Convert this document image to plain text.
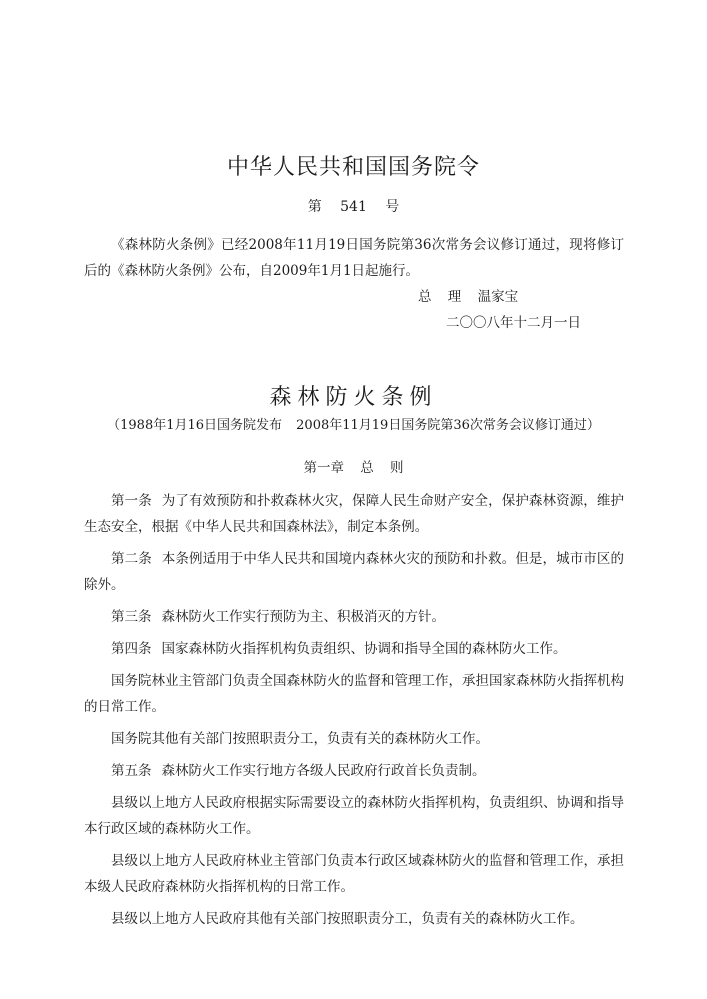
中华人民共和国国务院令
第 541 号
《森林防火条例》已经2008年11月19日国务院第36次常务会议修订通过，现将修订后的《森林防火条例》公布，自2009年1月1日起施行。
总 理 温家宝
二〇〇八年十二月一日
森林防火条例
（1988年1月16日国务院发布 2008年11月19日国务院第36次常务会议修订通过）
第一章 总 则

第一条 为了有效预防和扑救森林火灾，保障人民生命财产安全，保护森林资源，维护生态安全，根据《中华人民共和国森林法》，制定本条例。

第二条 本条例适用于中华人民共和国境内森林火灾的预防和扑救。但是，城市市区的除外。

第三条 森林防火工作实行预防为主、积极消灭的方针。

第四条 国家森林防火指挥机构负责组织、协调和指导全国的森林防火工作。

国务院林业主管部门负责全国森林防火的监督和管理工作，承担国家森林防火指挥机构的日常工作。

国务院其他有关部门按照职责分工，负责有关的森林防火工作。

第五条 森林防火工作实行地方各级人民政府行政首长负责制。

县级以上地方人民政府根据实际需要设立的森林防火指挥机构，负责组织、协调和指导本行政区域的森林防火工作。

县级以上地方人民政府林业主管部门负责本行政区域森林防火的监督和管理工作，承担本级人民政府森林防火指挥机构的日常工作。

县级以上地方人民政府其他有关部门按照职责分工，负责有关的森林防火工作。
